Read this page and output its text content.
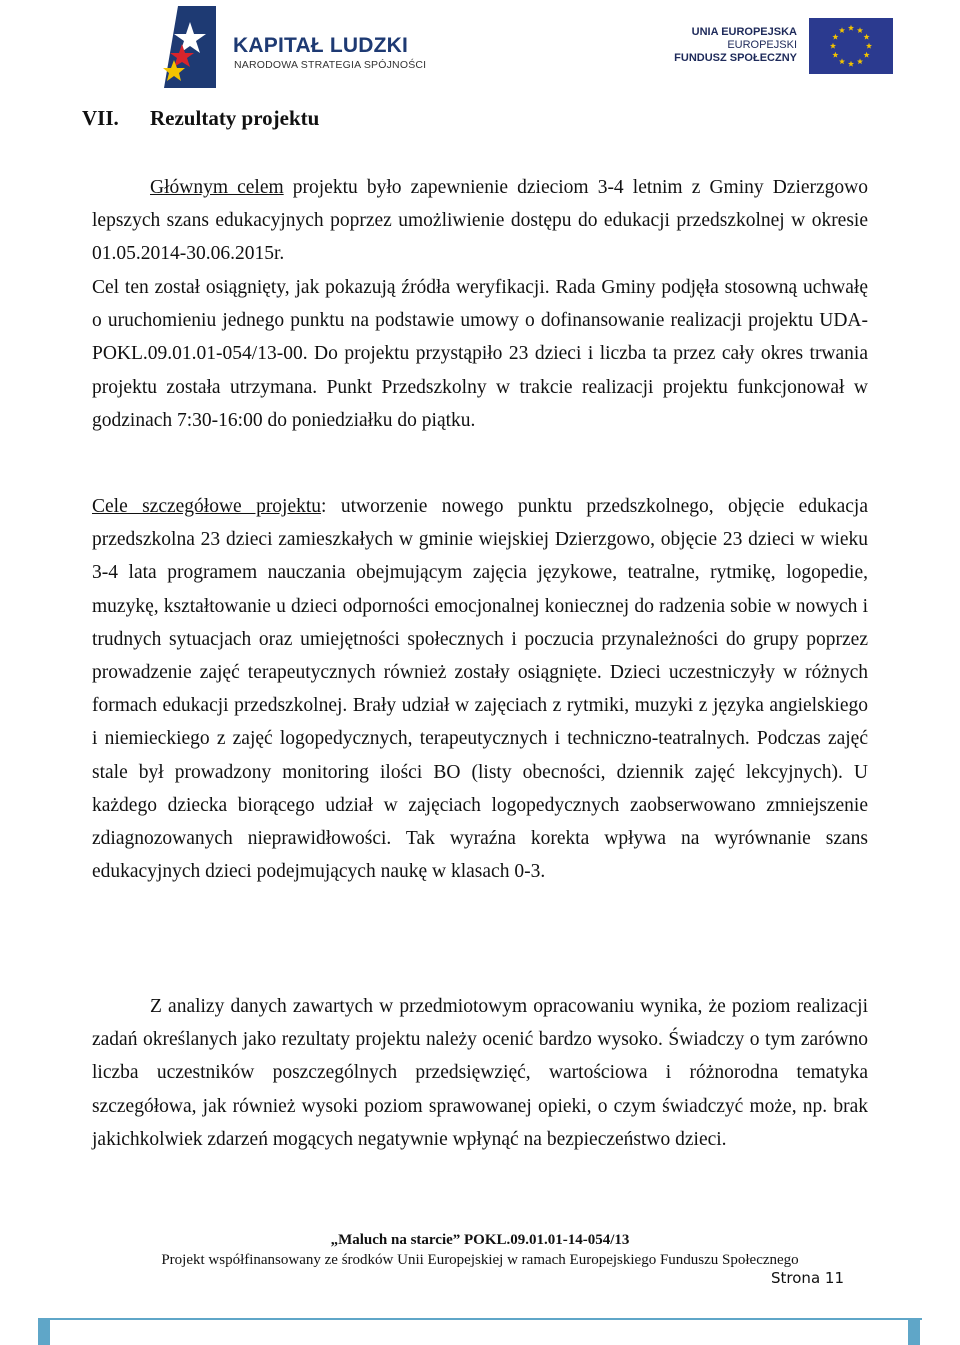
KAPITAŁ LUDZKI
NARODOWA STRATEGIA SPÓJNOŚCI
UNIA EUROPEJSKA
EUROPEJSKI
FUNDUSZ SPOŁECZNY
VII. Rezultaty projektu
Głównym celem projektu było zapewnienie dzieciom 3-4 letnim z Gminy Dzierzgowo lepszych szans edukacyjnych poprzez umożliwienie dostępu do edukacji przedszkolnej w okresie 01.05.2014-30.06.2015r.
Cel ten został osiągnięty, jak pokazują źródła weryfikacji. Rada Gminy podjęła stosowną uchwałę o uruchomieniu jednego punktu na podstawie umowy o dofinansowanie realizacji projektu UDA-POKL.09.01.01-054/13-00. Do projektu przystąpiło 23 dzieci i liczba ta przez cały okres trwania projektu została utrzymana. Punkt Przedszkolny w trakcie realizacji projektu funkcjonował w godzinach 7:30-16:00 do poniedziałku do piątku.
Cele szczegółowe projektu: utworzenie nowego punktu przedszkolnego, objęcie edukacja przedszkolna 23 dzieci zamieszkałych w gminie wiejskiej Dzierzgowo, objęcie 23 dzieci w wieku 3-4 lata programem nauczania obejmującym zajęcia językowe, teatralne, rytmikę, logopedie, muzykę, kształtowanie u dzieci odporności emocjonalnej koniecznej do radzenia sobie w nowych i trudnych sytuacjach oraz umiejętności społecznych i poczucia przynależności do grupy poprzez prowadzenie zajęć terapeutycznych również zostały osiągnięte. Dzieci uczestniczyły w różnych formach edukacji przedszkolnej. Brały udział w zajęciach z rytmiki, muzyki z języka angielskiego i niemieckiego z zajęć logopedycznych, terapeutycznych i techniczno-teatralnych. Podczas zajęć stale był prowadzony monitoring ilości BO (listy obecności, dziennik zajęć lekcyjnych). U każdego dziecka biorącego udział w zajęciach logopedycznych zaobserwowano zmniejszenie zdiagnozowanych nieprawidłowości. Tak wyraźna korekta wpływa na wyrównanie szans edukacyjnych dzieci podejmujących naukę w klasach 0-3.
Z analizy danych zawartych w przedmiotowym opracowaniu wynika, że poziom realizacji zadań określanych jako rezultaty projektu należy ocenić bardzo wysoko. Świadczy o tym zarówno liczba uczestników poszczególnych przedsięwzięć, wartościowa i różnorodna tematyka szczegółowa, jak również wysoki poziom sprawowanej opieki, o czym świadczyć może, np. brak jakichkolwiek zdarzeń mogących negatywnie wpłynąć na bezpieczeństwo dzieci.
„Maluch na starcie” POKL.09.01.01-14-054/13
Projekt współfinansowany ze środków Unii Europejskiej w ramach Europejskiego Funduszu Społecznego
Strona 11
